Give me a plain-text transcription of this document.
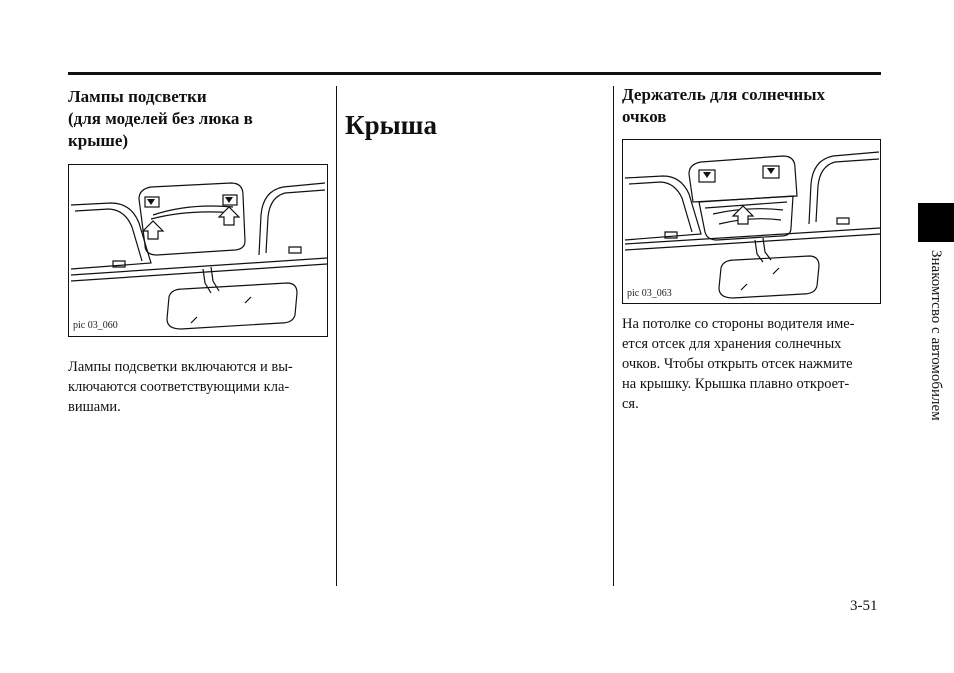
Лампы подсветки
(для моделей без люка в
крыше)
pic 03_060

Лампы подсветки включаются и вы-
ключаются соответствующими кла-
вишами.

Крыша
Держатель для солнечных
очков
pic 03_063

На потолке со стороны водителя име-
ется отсек для хранения солнечных
очков. Чтобы открыть отсек нажмите
на крышку. Крышка плавно откроет-
ся.	Знакомтсво с автомобилем
3-51
